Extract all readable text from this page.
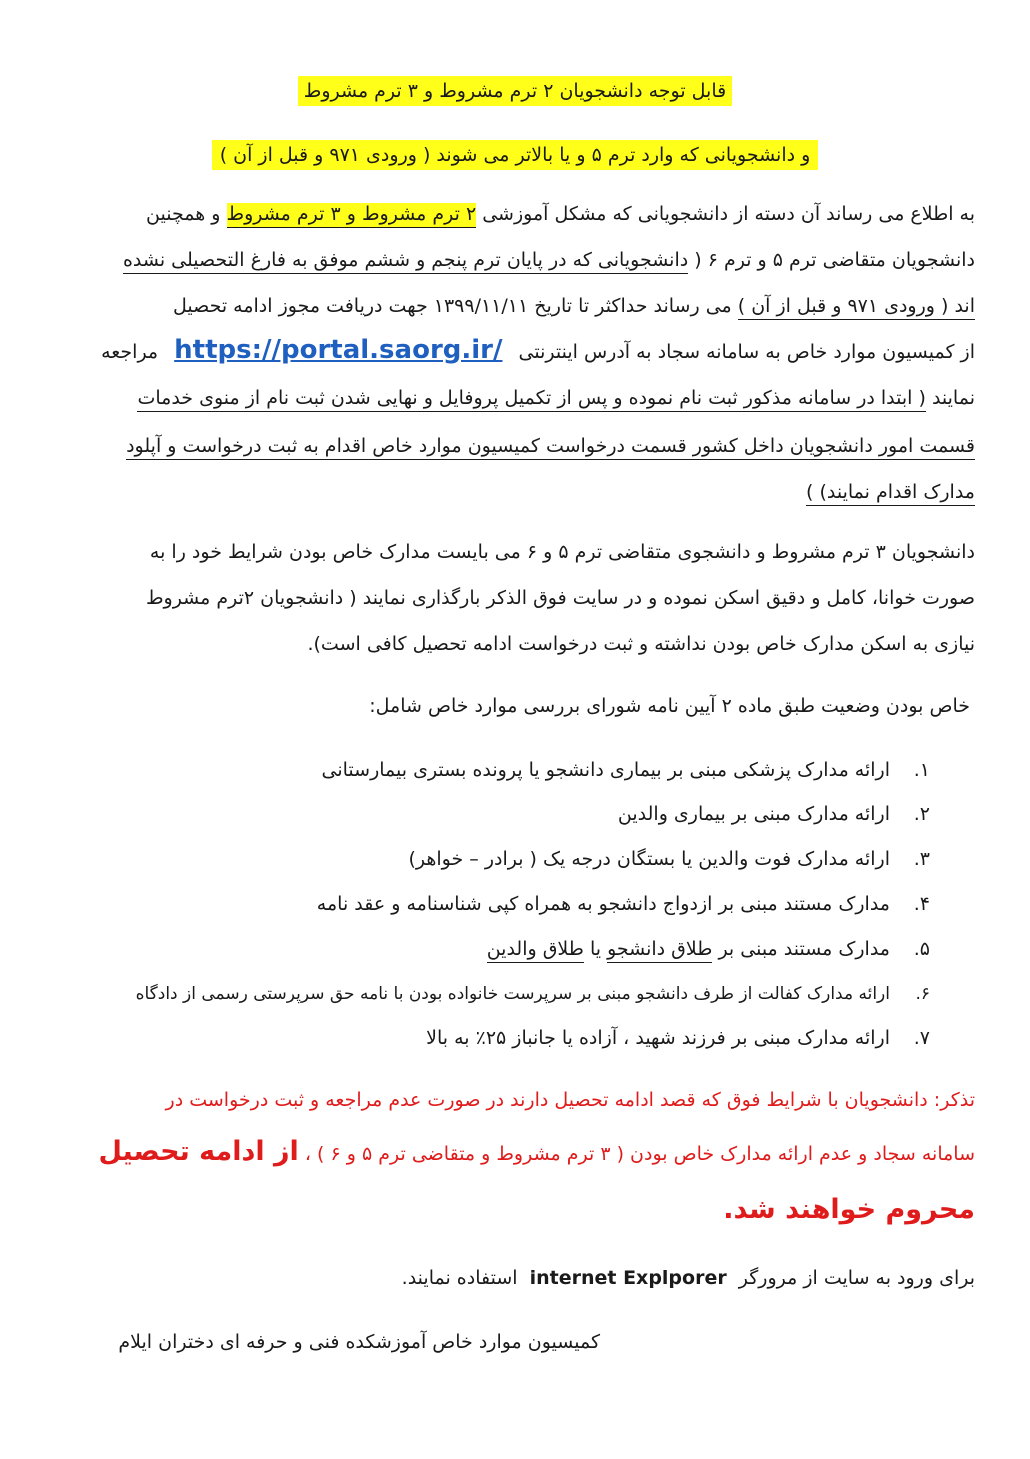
قابل توجه دانشجویان ۲ ترم مشروط و ۳ ترم مشروط
و دانشجویانی که وارد ترم ۵ و یا بالاتر می شوند ( ورودی ۹۷۱ و قبل از آن )
به اطلاع می رساند آن دسته از دانشجویانی که مشکل آموزشی ۲ ترم مشروط و ۳ ترم مشروط و همچنین
دانشجویان متقاضی ترم ۵ و ترم ۶ ( دانشجویانی که در پایان ترم پنجم و ششم موفق به فارغ التحصیلی نشده
اند ( ورودی ۹۷۱ و قبل از آن ) می رساند حداکثر تا تاریخ ۱۳۹۹/۱۱/۱۱ جهت دریافت مجوز ادامه تحصیل
از کمیسیون موارد خاص به سامانه سجاد به آدرس اینترنتی https://portal.saorg.ir/ مراجعه
نمایند ( ابتدا در سامانه مذکور ثبت نام نموده و پس از تکمیل پروفایل و نهایی شدن ثبت نام از منوی خدمات
قسمت امور دانشجویان داخل کشور قسمت درخواست کمیسیون موارد خاص اقدام به ثبت درخواست و آپلود
مدارک اقدام نمایند) )
دانشجویان ۳ ترم مشروط و دانشجوی متقاضی ترم ۵ و ۶ می بایست مدارک خاص بودن شرایط خود را به
صورت خوانا، کامل و دقیق اسکن نموده و در سایت فوق الذکر بارگذاری نمایند ( دانشجویان ۲ترم مشروط
نیازی به اسکن مدارک خاص بودن نداشته و ثبت درخواست ادامه تحصیل کافی است).
خاص بودن وضعیت طبق ماده ۲ آیین نامه شورای بررسی موارد خاص شامل:
۱.ارائه مدارک پزشکی مبنی بر بیماری دانشجو یا پرونده بستری بیمارستانی
۲.ارائه مدارک مبنی بر بیماری والدین
۳.ارائه مدارک فوت والدین یا بستگان درجه یک ( برادر – خواهر)
۴.مدارک مستند مبنی بر ازدواج دانشجو به همراه کپی شناسنامه و عقد نامه
۵.مدارک مستند مبنی بر طلاق دانشجو یا طلاق والدین
۶.ارائه مدارک کفالت از طرف دانشجو مبنی بر سرپرست خانواده بودن با نامه حق سرپرستی رسمی از دادگاه
۷.ارائه مدارک مبنی بر فرزند شهید ، آزاده یا جانباز ۲۵٪ به بالا
تذکر: دانشجویان با شرایط فوق که قصد ادامه تحصیل دارند در صورت عدم مراجعه و ثبت درخواست در
سامانه سجاد و عدم ارائه مدارک خاص بودن ( ۳ ترم مشروط و متقاضی ترم ۵ و ۶ ) ، از ادامه تحصیل
محروم خواهند شد.
برای ورود به سایت از مرورگر internet Explporer استفاده نمایند.
کمیسیون موارد خاص آموزشکده فنی و حرفه ای دختران ایلام
